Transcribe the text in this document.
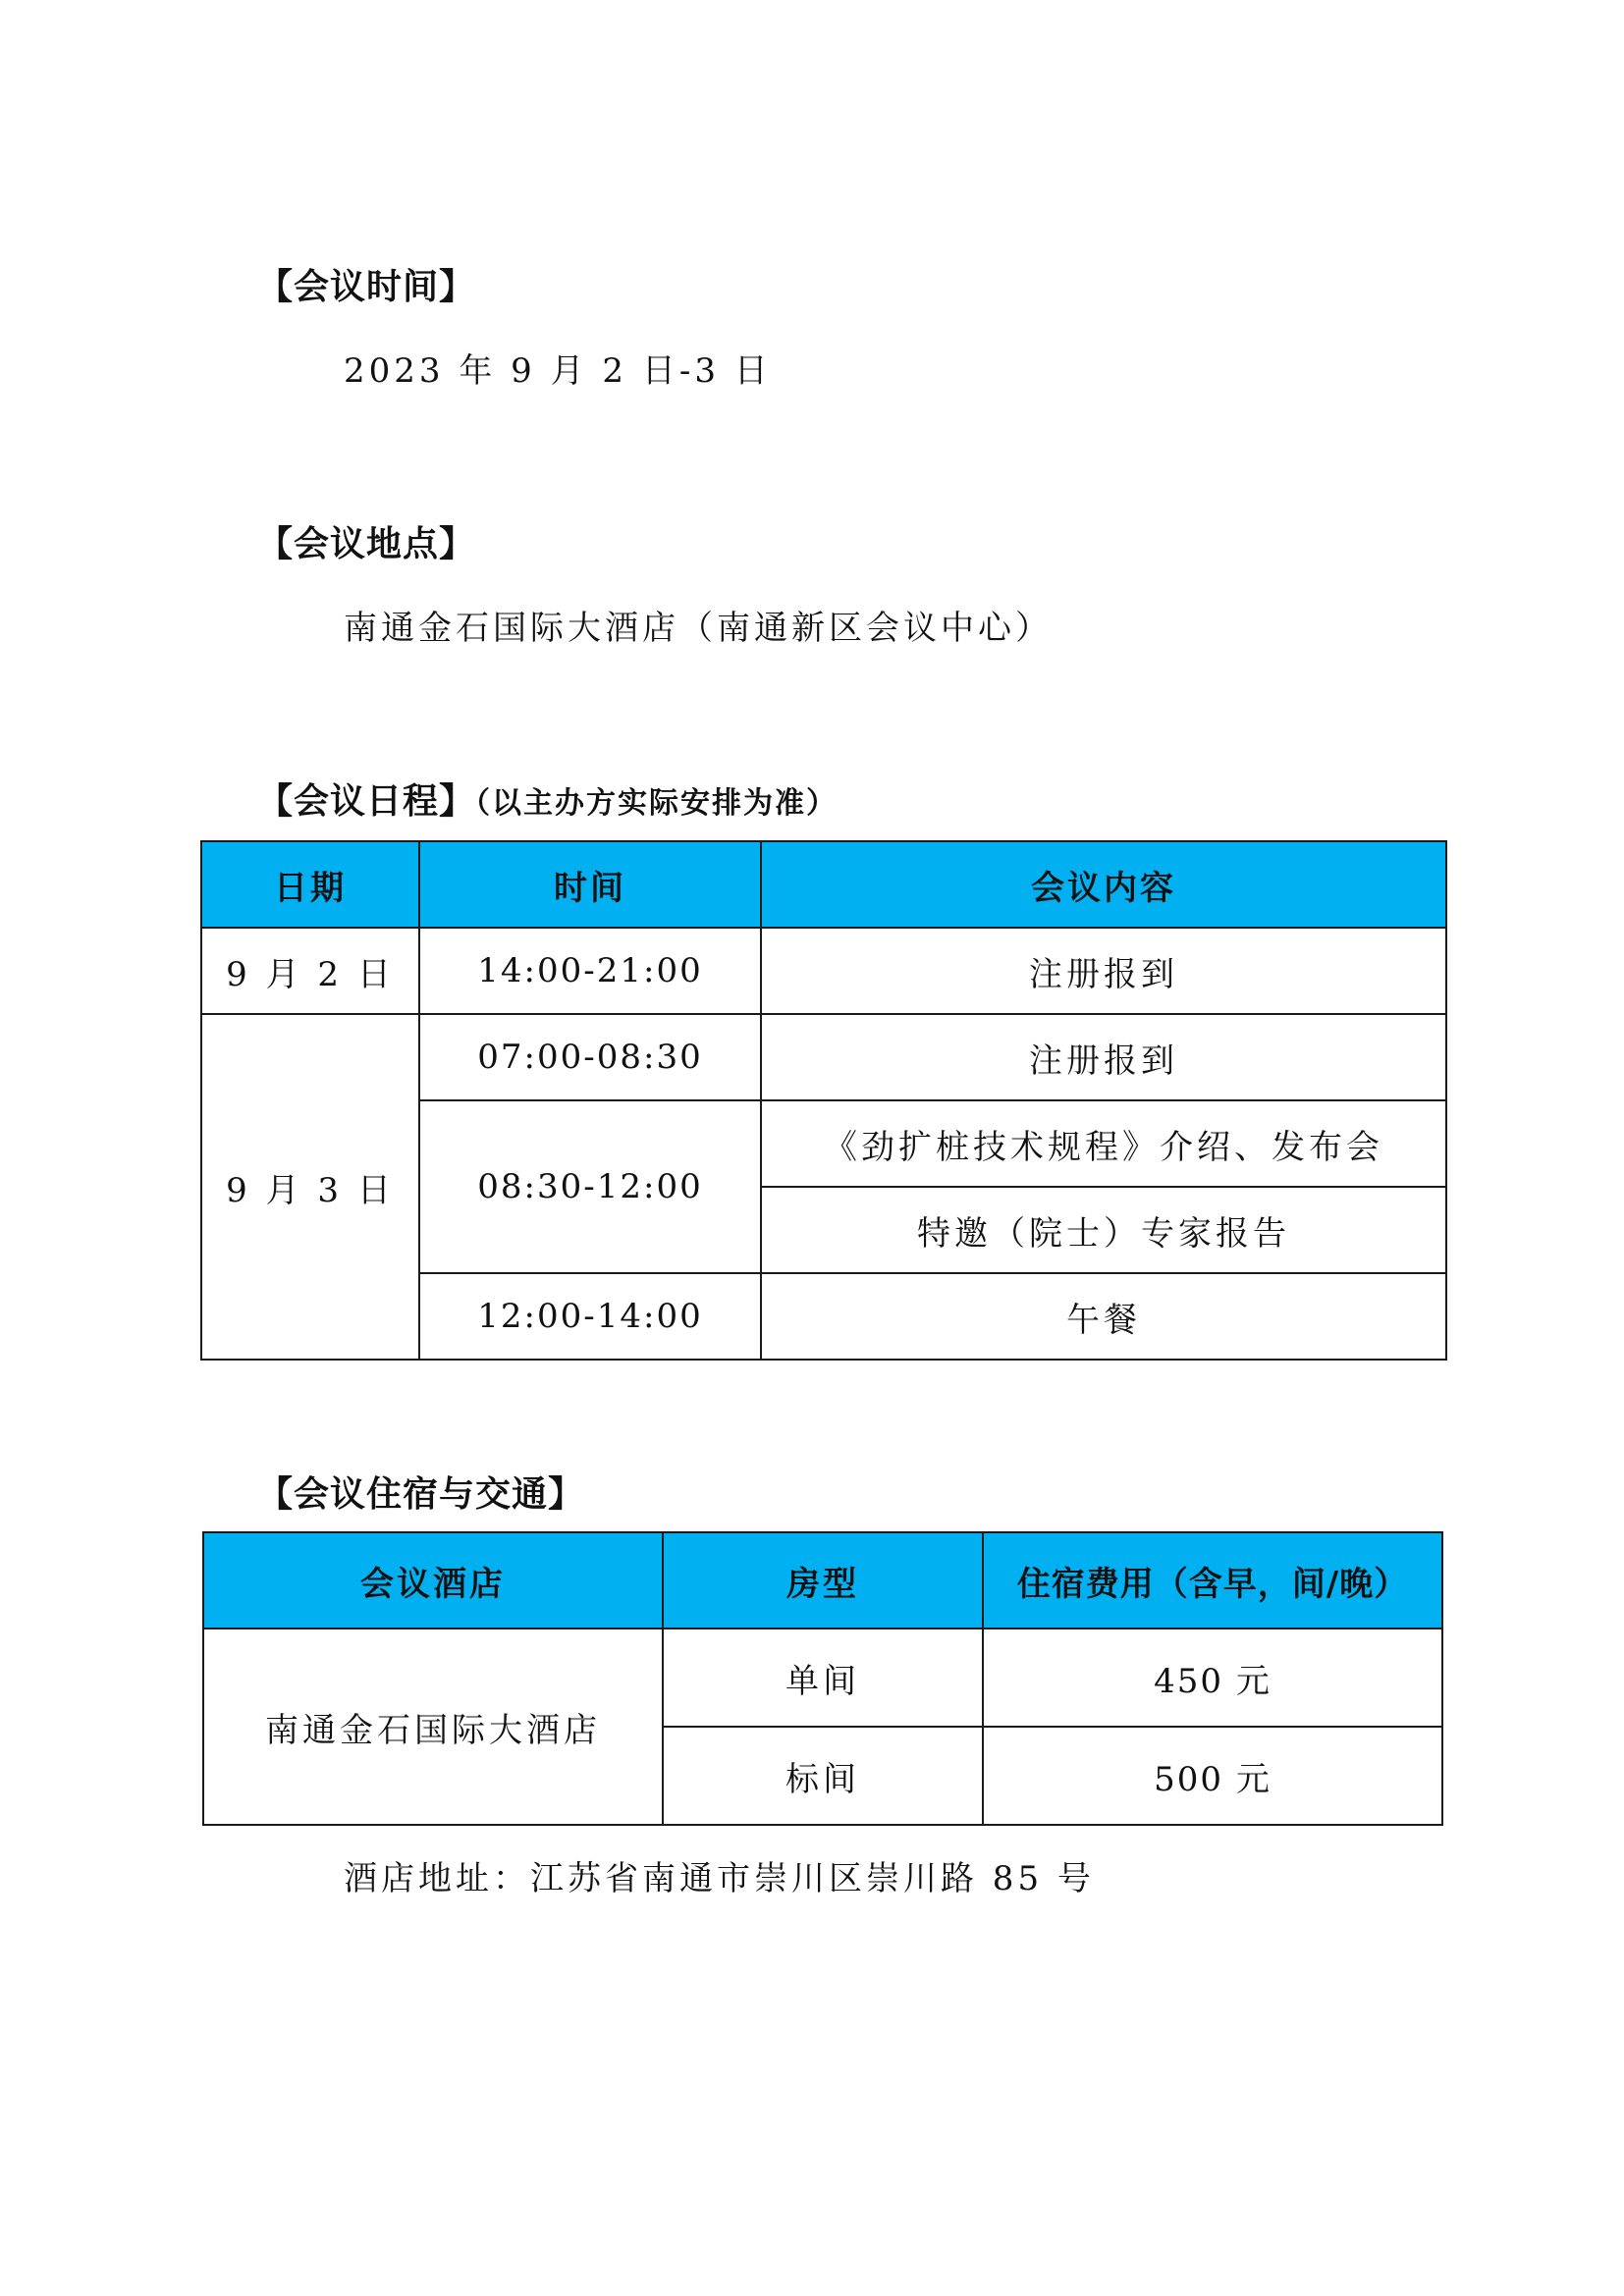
【会议时间】
2023 年 9 月 2 日-3 日
【会议地点】
南通金石国际大酒店（南通新区会议中心）
【会议日程】（以主办方实际安排为准）
日期	时间	会议内容
9 月 2 日	14:00-21:00	注册报到
9 月 3 日	07:00-08:30	注册报到
	08:30-12:00	《劲扩桩技术规程》介绍、发布会
		特邀（院士）专家报告
	12:00-14:00	午餐
【会议住宿与交通】
会议酒店	房型	住宿费用（含早，间/晚）
南通金石国际大酒店	单间	450 元
	标间	500 元
酒店地址：江苏省南通市崇川区崇川路 85 号
